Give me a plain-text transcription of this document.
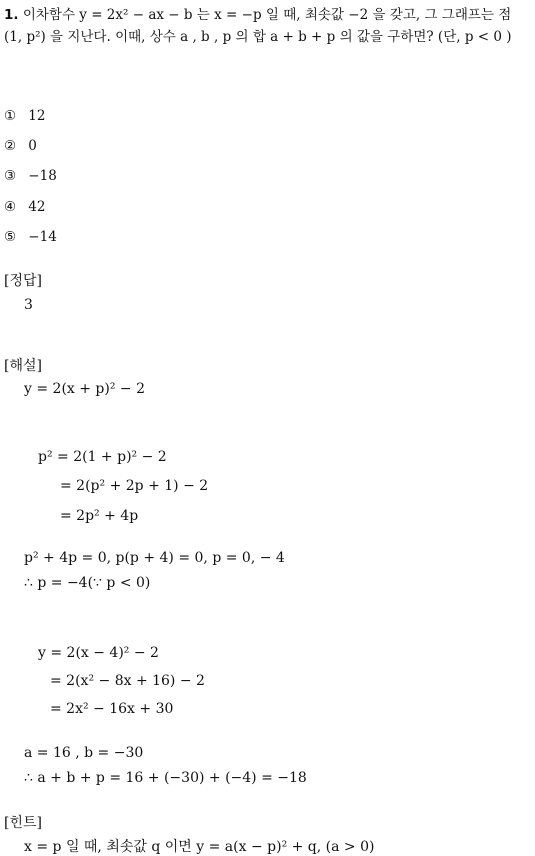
1. 이차함수 y = 2x² − ax − b 는 x = −p 일 때, 최솟값 −2 을 갖고, 그 그래프는 점 (1, p²) 을 지난다. 이때, 상수 a , b , p 의 합 a + b + p 의 값을 구하면? (단, p < 0 )
① 12
② 0
③ −18
④ 42
⑤ −14
[정답]
3
[해설]
y = 2(x + p)² − 2
p² = 2(1 + p)² − 2
= 2(p² + 2p + 1) − 2
= 2p² + 4p
p² + 4p = 0, p(p + 4) = 0, p = 0, − 4
∴ p = −4(∵ p < 0)
y = 2(x − 4)² − 2
= 2(x² − 8x + 16) − 2
= 2x² − 16x + 30
a = 16 , b = −30
∴ a + b + p = 16 + (−30) + (−4) = −18
[힌트]
x = p 일 때, 최솟값 q 이면 y = a(x − p)² + q, (a > 0)
